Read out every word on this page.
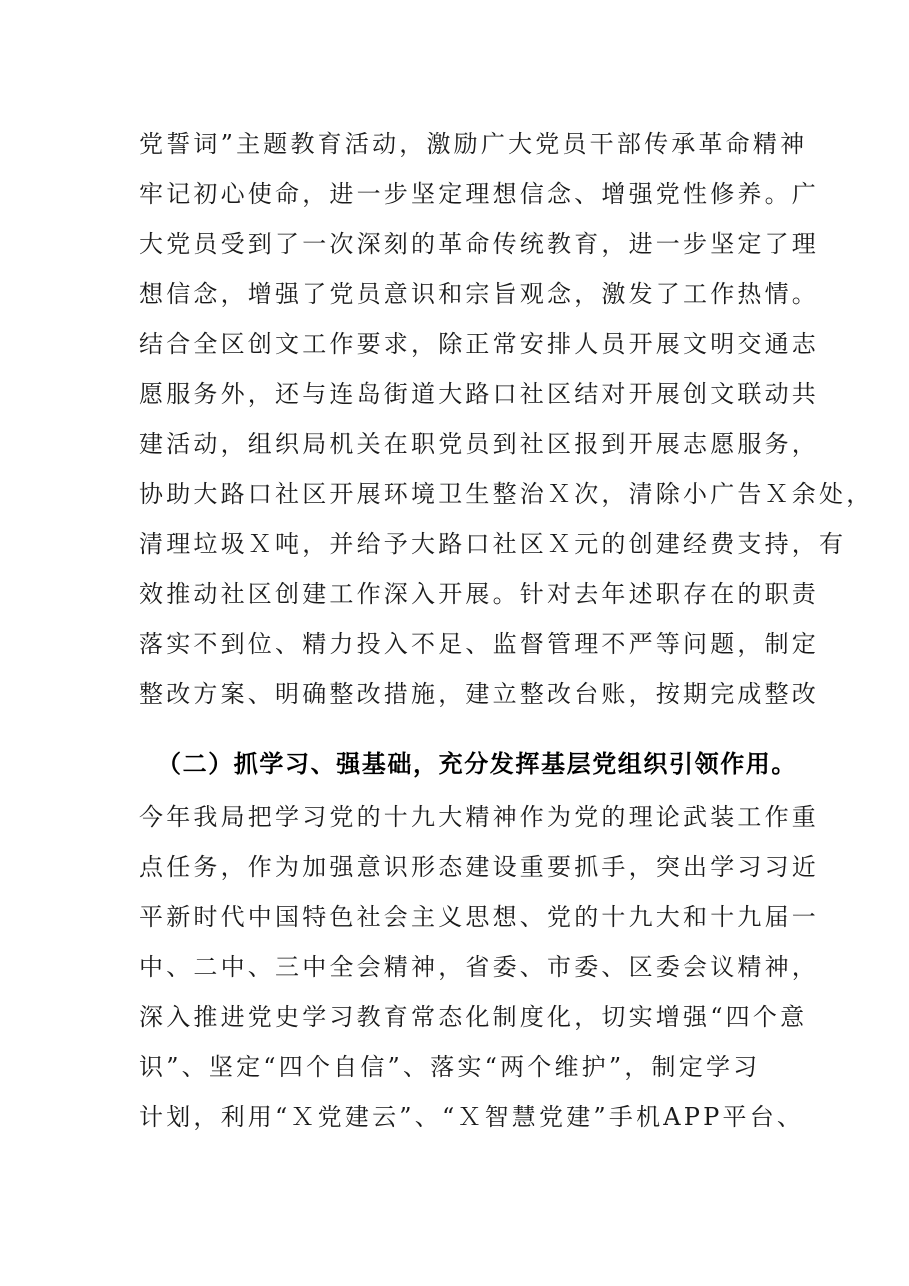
党誓词”主题教育活动，激励广大党员干部传承革命精神
牢记初心使命，进一步坚定理想信念、增强党性修养。广
大党员受到了一次深刻的革命传统教育，进一步坚定了理
想信念，增强了党员意识和宗旨观念，激发了工作热情。
结合全区创文工作要求，除正常安排人员开展文明交通志
愿服务外，还与连岛街道大路口社区结对开展创文联动共
建活动，组织局机关在职党员到社区报到开展志愿服务，
协助大路口社区开展环境卫生整治Ｘ次，清除小广告Ｘ余处，
清理垃圾Ｘ吨，并给予大路口社区Ｘ元的创建经费支持，有
效推动社区创建工作深入开展。针对去年述职存在的职责
落实不到位、精力投入不足、监督管理不严等问题，制定
整改方案、明确整改措施，建立整改台账，按期完成整改
（二）抓学习、强基础，充分发挥基层党组织引领作用。
今年我局把学习党的十九大精神作为党的理论武装工作重
点任务，作为加强意识形态建设重要抓手，突出学习习近
平新时代中国特色社会主义思想、党的十九大和十九届一
中、二中、三中全会精神，省委、市委、区委会议精神，
深入推进党史学习教育常态化制度化，切实增强“四个意
识”、坚定“四个自信”、落实“两个维护”，制定学习
计划，利用“Ｘ党建云”、“Ｘ智慧党建”手机APP平台、
